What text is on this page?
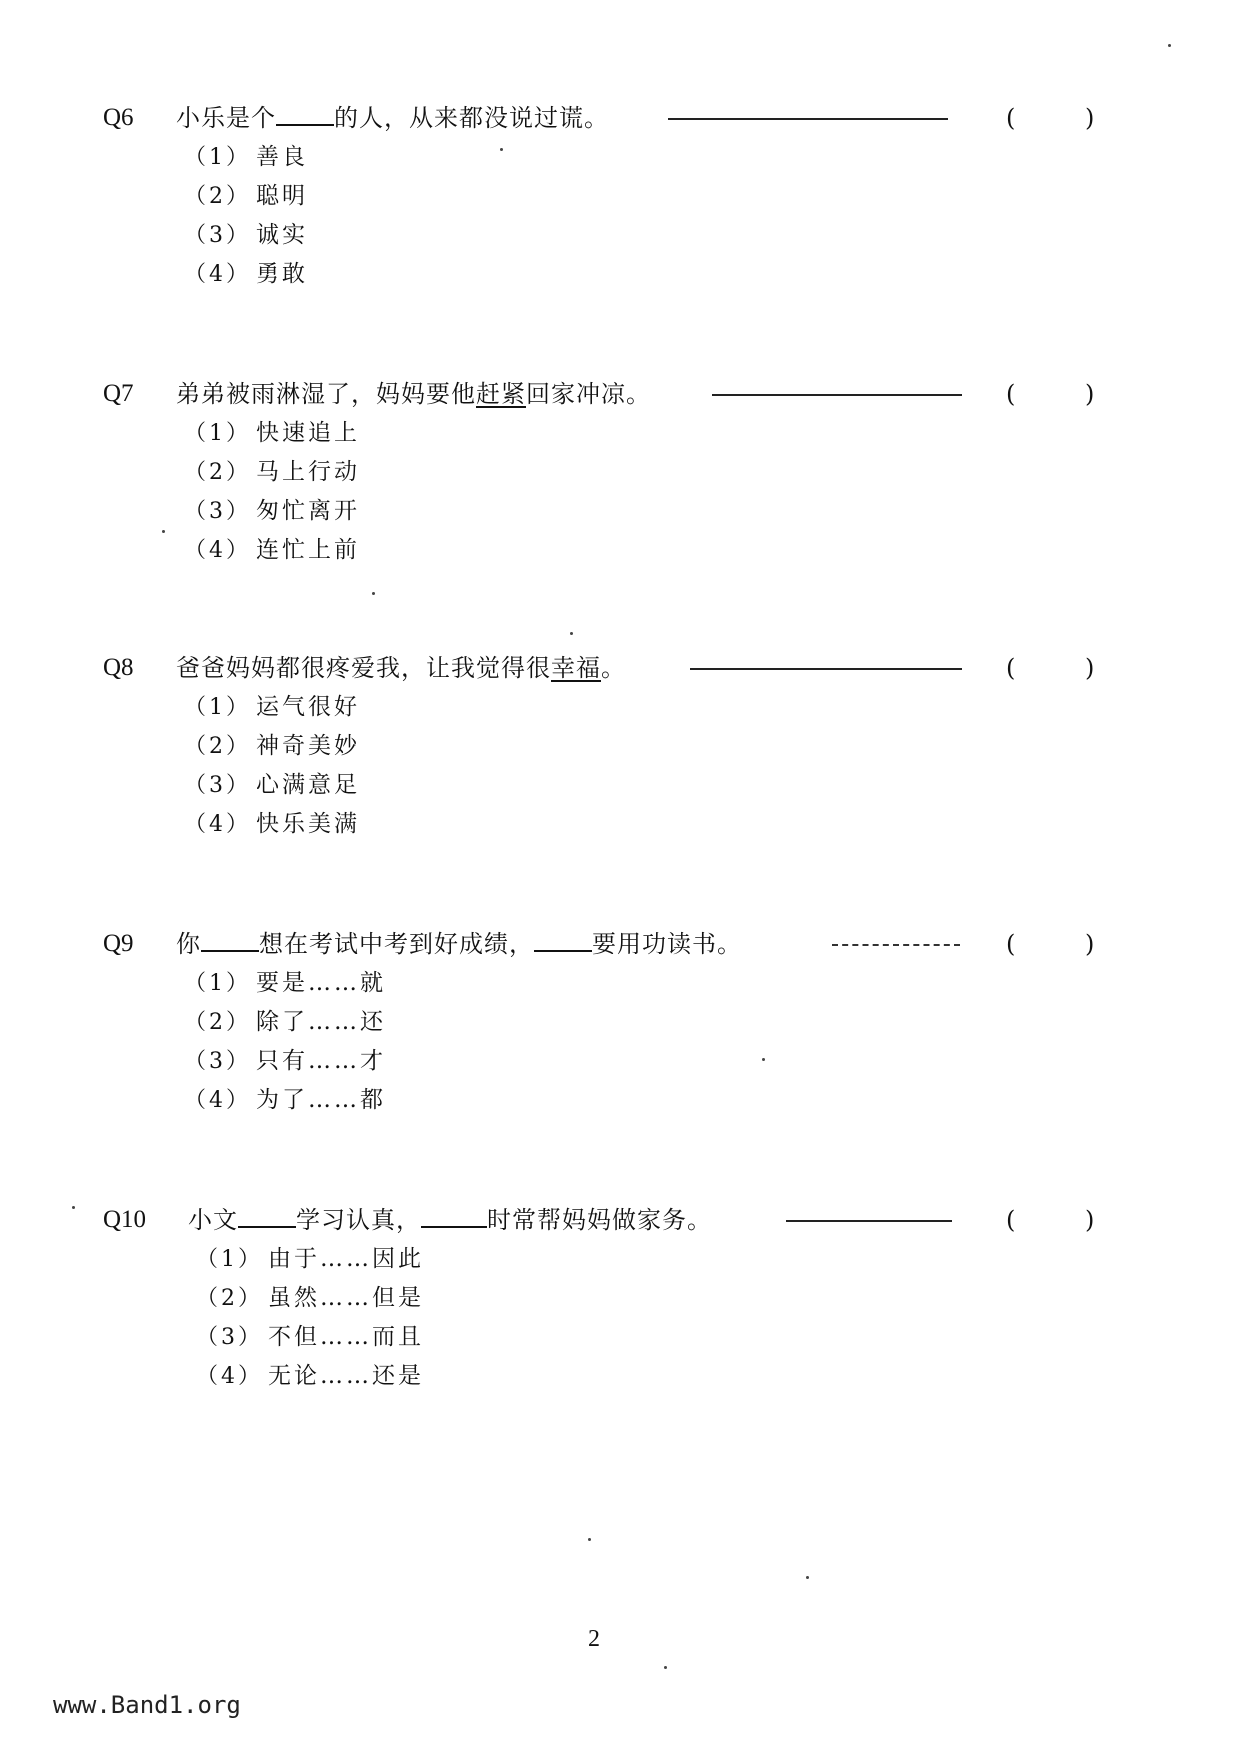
Q6 小乐是个 的人，从来都没说过谎。	(	)
（1） 善良
（2） 聪明
（3） 诚实
（4） 勇敢
Q7 弟弟被雨淋湿了，妈妈要他赶紧回家冲凉。	(	)
（1） 快速追上
（2） 马上行动
（3） 匆忙离开
（4） 连忙上前
Q8 爸爸妈妈都很疼爱我，让我觉得很幸福。	(	)
（1） 运气很好
（2） 神奇美妙
（3） 心满意足
（4） 快乐美满
Q9 你 想在考试中考到好成绩， 要用功读书。	(	)
（1） 要是……就
（2） 除了……还
（3） 只有……才
（4） 为了……都
Q10 小文 学习认真，	时常帮妈妈做家务。	(	)
（1） 由于……因此
（2） 虽然……但是
（3） 不但……而且
（4） 无论……还是
2
www.Band1.org
